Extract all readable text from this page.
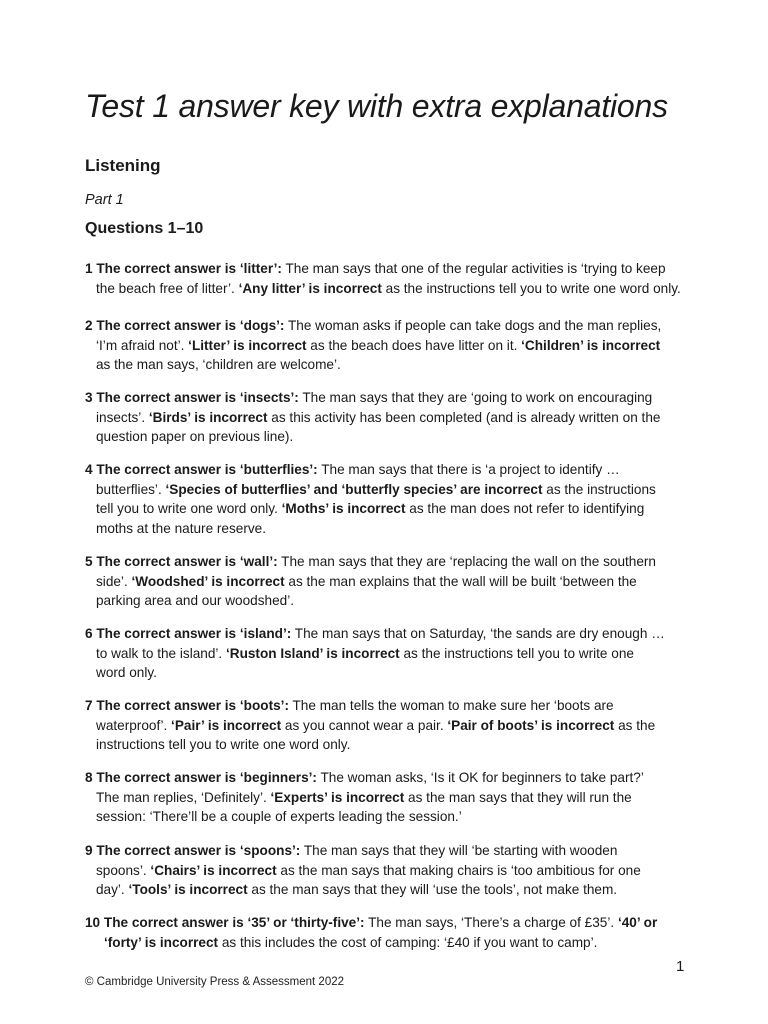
Test 1 answer key with extra explanations
Listening
Part 1
Questions 1–10
1 The correct answer is ‘litter’: The man says that one of the regular activities is ‘trying to keep
the beach free of litter’. ‘Any litter’ is incorrect as the instructions tell you to write one word only.
2 The correct answer is ‘dogs’: The woman asks if people can take dogs and the man replies,
‘I’m afraid not’. ‘Litter’ is incorrect as the beach does have litter on it. ‘Children’ is incorrect
as the man says, ‘children are welcome’.
3 The correct answer is ‘insects’: The man says that they are ‘going to work on encouraging
insects’. ‘Birds’ is incorrect as this activity has been completed (and is already written on the
question paper on previous line).
4 The correct answer is ‘butterflies’: The man says that there is ‘a project to identify …
butterflies’. ‘Species of butterflies’ and ‘butterfly species’ are incorrect as the instructions
tell you to write one word only. ‘Moths’ is incorrect as the man does not refer to identifying
moths at the nature reserve.
5 The correct answer is ‘wall’: The man says that they are ‘replacing the wall on the southern
side’. ‘Woodshed’ is incorrect as the man explains that the wall will be built ‘between the
parking area and our woodshed’.
6 The correct answer is ‘island’: The man says that on Saturday, ‘the sands are dry enough …
to walk to the island’. ‘Ruston Island’ is incorrect as the instructions tell you to write one
word only.
7 The correct answer is ‘boots’: The man tells the woman to make sure her ‘boots are
waterproof’. ‘Pair’ is incorrect as you cannot wear a pair. ‘Pair of boots’ is incorrect as the
instructions tell you to write one word only.
8 The correct answer is ‘beginners’: The woman asks, ‘Is it OK for beginners to take part?’
The man replies, ‘Definitely’. ‘Experts’ is incorrect as the man says that they will run the
session: ‘There’ll be a couple of experts leading the session.’
9 The correct answer is ‘spoons’: The man says that they will ‘be starting with wooden
spoons’. ‘Chairs’ is incorrect as the man says that making chairs is ‘too ambitious for one
day’. ‘Tools’ is incorrect as the man says that they will ‘use the tools’, not make them.
10 The correct answer is ‘35’ or ‘thirty-five’: The man says, ‘There’s a charge of £35’. ‘40’ or
‘forty’ is incorrect as this includes the cost of camping: ‘£40 if you want to camp’.
1
© Cambridge University Press & Assessment 2022
